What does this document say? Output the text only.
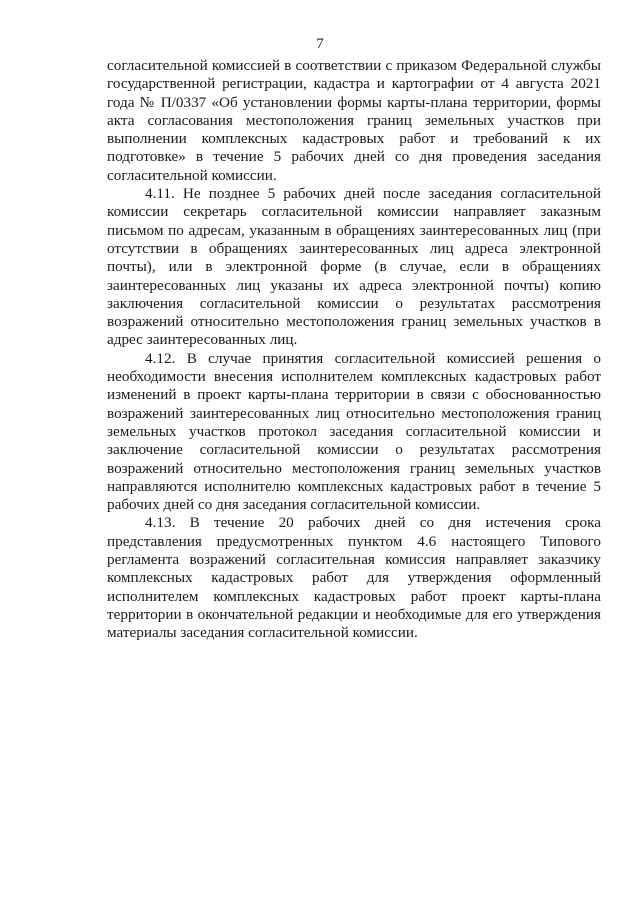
7

согласительной комиссией в соответствии с приказом Федеральной службы государственной регистрации, кадастра и картографии от 4 августа 2021 года № П/0337 «Об установлении формы карты-плана территории, формы акта согласования местоположения границ земельных участков при выполнении комплексных кадастровых работ и требований к их подготовке» в течение 5 рабочих дней со дня проведения заседания согласительной комиссии.

4.11. Не позднее 5 рабочих дней после заседания согласительной комиссии секретарь согласительной комиссии направляет заказным письмом по адресам, указанным в обращениях заинтересованных лиц (при отсутствии в обращениях заинтересованных лиц адреса электронной почты), или в электронной форме (в случае, если в обращениях заинтересованных лиц указаны их адреса электронной почты) копию заключения согласительной комиссии о результатах рассмотрения возражений относительно местоположения границ земельных участков в адрес заинтересованных лиц.

4.12. В случае принятия согласительной комиссией решения о необходимости внесения исполнителем комплексных кадастровых работ изменений в проект карты-плана территории в связи с обоснованностью возражений заинтересованных лиц относительно местоположения границ земельных участков протокол заседания согласительной комиссии и заключение согласительной комиссии о результатах рассмотрения возражений относительно местоположения границ земельных участков направляются исполнителю комплексных кадастровых работ в течение 5 рабочих дней со дня заседания согласительной комиссии.

4.13. В течение 20 рабочих дней со дня истечения срока представления предусмотренных пунктом 4.6 настоящего Типового регламента возражений согласительная комиссия направляет заказчику комплексных кадастровых работ для утверждения оформленный исполнителем комплексных кадастровых работ проект карты-плана территории в окончательной редакции и необходимые для его утверждения материалы заседания согласительной комиссии.
